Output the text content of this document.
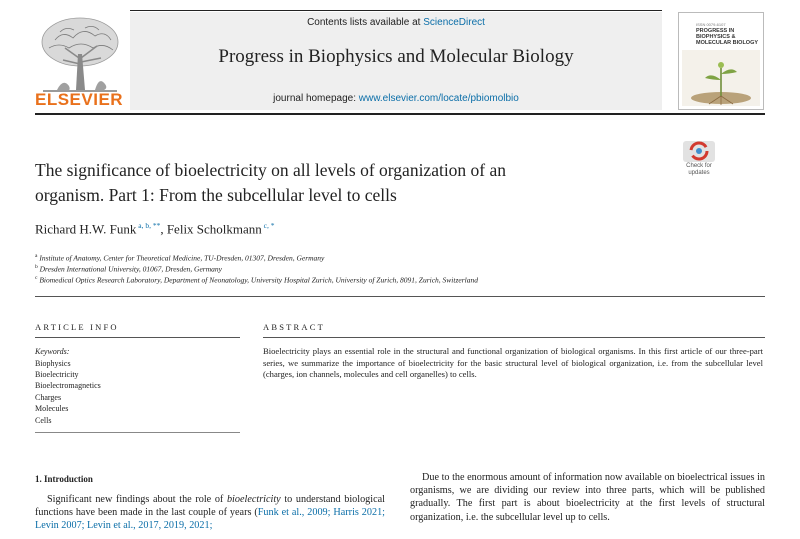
ELSEVIER
Contents lists available at ScienceDirect
Progress in Biophysics and Molecular Biology
journal homepage: www.elsevier.com/locate/pbiomolbio
ISSN 0079-6107
PROGRESS IN BIOPHYSICS &
MOLECULAR BIOLOGY
Check for
updates
The significance of bioelectricity on all levels of organization of an
organism. Part 1: From the subcellular level to cells
Richard H.W. Funk $^{a, b, **}$, Felix Scholkmann $^{c, *}$
$^a$ Institute of Anatomy, Center for Theoretical Medicine, TU-Dresden, 01307, Dresden, Germany
$^b$ Dresden International University, 01067, Dresden, Germany
$^c$ Biomedical Optics Research Laboratory, Department of Neonatology, University Hospital Zurich, University of Zurich, 8091, Zurich, Switzerland
ARTICLE INFO
Keywords:
Biophysics
Bioelectricity
Bioelectromagnetics
Charges
Molecules
Cells
ABSTRACT
Bioelectricity plays an essential role in the structural and functional organization of biological organisms. In this first article of our three-part series, we summarize the importance of bioelectricity for the basic structural level of biological organization, i.e. from the subcellular level (charges, ion channels, molecules and cell organelles) to cells.
1. Introduction
Significant new findings about the role of bioelectricity to understand biological functions have been made in the last couple of years (Funk et al., 2009; Harris 2021; Levin 2007; Levin et al., 2017, 2019, 2021;
Due to the enormous amount of information now available on bioelectrical issues in organisms, we are dividing our review into three parts, which will be published gradually. The first part is about bioelectricity at the first levels of structural organization, i.e. the subcellular level up to cells.
